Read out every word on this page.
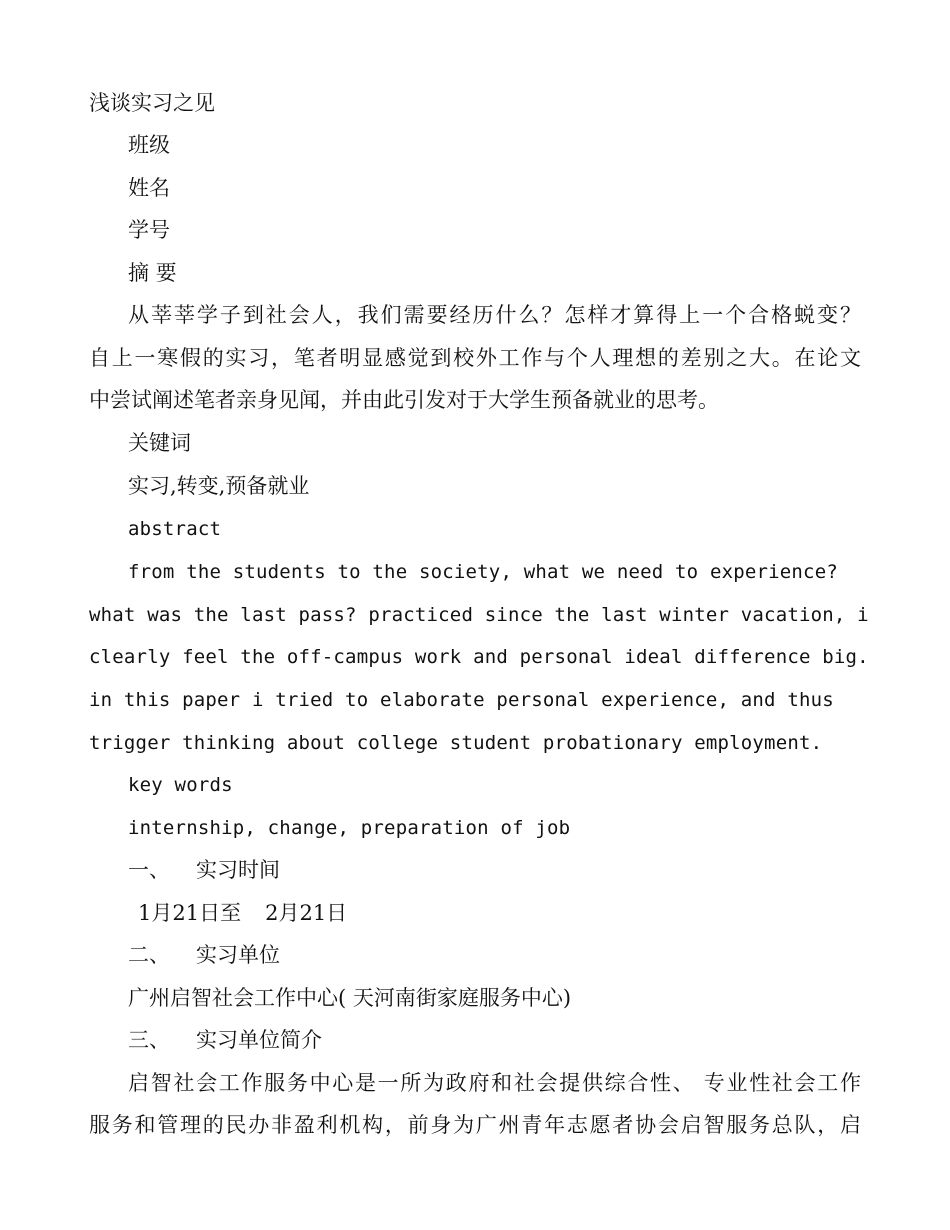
浅谈实习之见
班级
姓名
学号
摘 要
从莘莘学子到社会人，我们需要经历什么？怎样才算得上一个合格蜕变？
自上一寒假的实习，笔者明显感觉到校外工作与个人理想的差别之大。在论文
中尝试阐述笔者亲身见闻，并由此引发对于大学生预备就业的思考。
关键词
实习,转变,预备就业
abstract
from the students to the society, what we need to experience?
what was the last pass? practiced since the last winter vacation, i
clearly feel the off-campus work and personal ideal difference big.
in this paper i tried to elaborate personal experience, and thus
trigger thinking about college student probationary employment.
key words
internship, change, preparation of job
一、 实习时间
1月21日至 2月21日
二、 实习单位
广州启智社会工作中心( 天河南街家庭服务中心)
三、 实习单位简介
启智社会工作服务中心是一所为政府和社会提供综合性、 专业性社会工作
服务和管理的民办非盈利机构，前身为广州青年志愿者协会启智服务总队，启
